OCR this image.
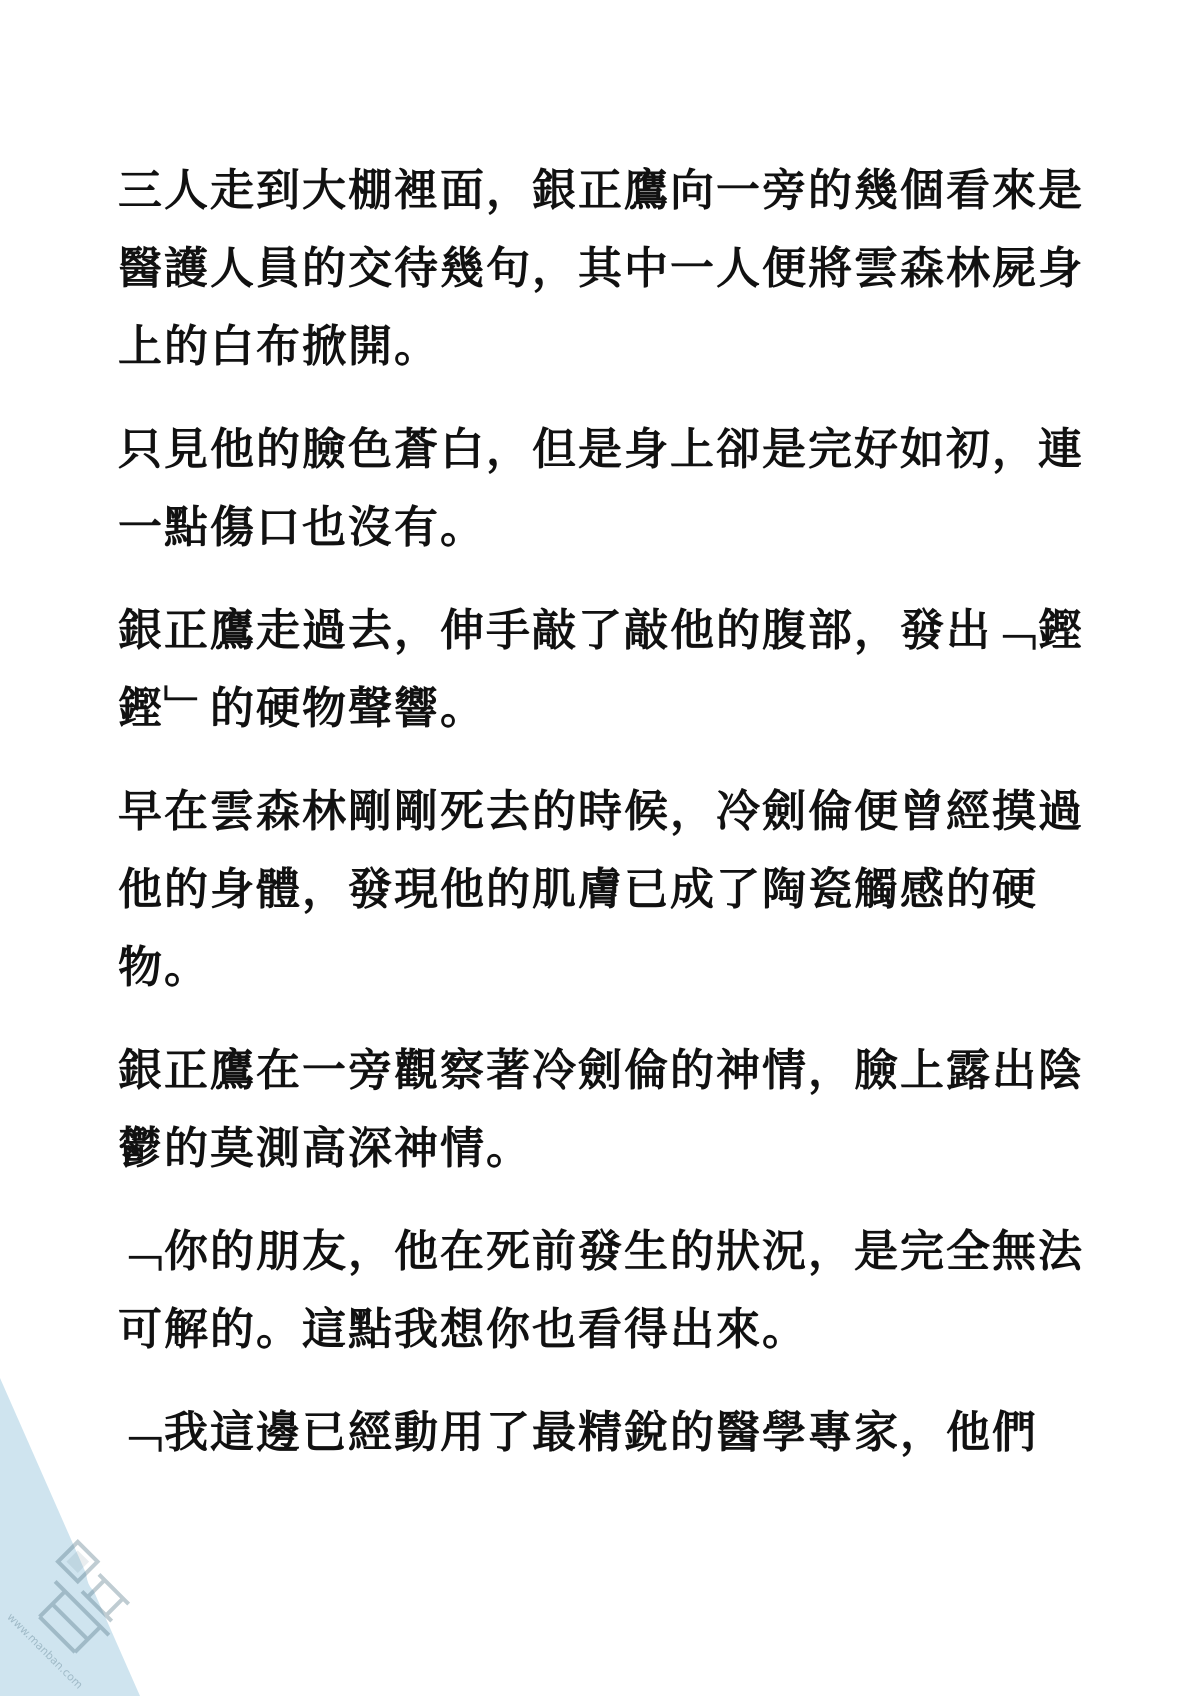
三人走到大棚裡面，銀正鷹向一旁的幾個看來是醫護人員的交待幾句，其中一人便將雲森林屍身上的白布掀開。

只見他的臉色蒼白，但是身上卻是完好如初，連一點傷口也沒有。

銀正鷹走過去，伸手敲了敲他的腹部，發出﹁鏗鏗﹂的硬物聲響。

早在雲森林剛剛死去的時候，冷劍倫便曾經摸過他的身體，發現他的肌膚已成了陶瓷觸感的硬物。

銀正鷹在一旁觀察著冷劍倫的神情，臉上露出陰鬱的莫測高深神情。

﹁你的朋友，他在死前發生的狀況，是完全無法可解的。這點我想你也看得出來。

﹁我這邊已經動用了最精銳的醫學專家，他們

01
www.manban.com
